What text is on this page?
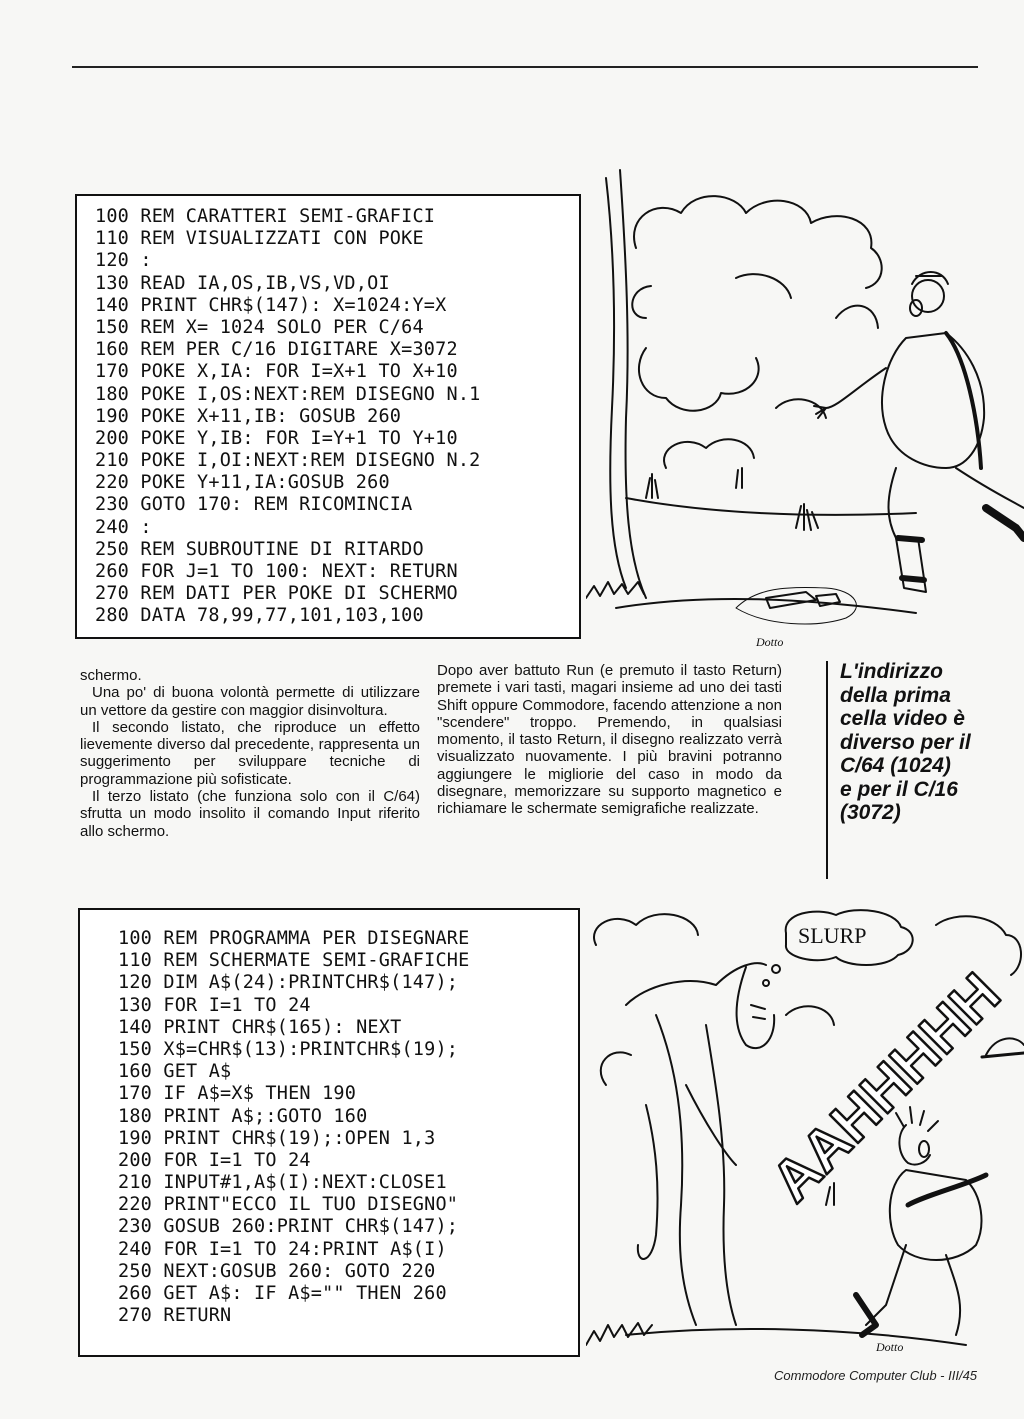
100 REM CARATTERI SEMI-GRAFICI
110 REM VISUALIZZATI CON POKE
120 :
130 READ IA,OS,IB,VS,VD,OI
140 PRINT CHR$(147): X=1024:Y=X
150 REM X= 1024 SOLO PER C/64
160 REM PER C/16 DIGITARE X=3072
170 POKE X,IA: FOR I=X+1 TO X+10
180 POKE I,OS:NEXT:REM DISEGNO N.1
190 POKE X+11,IB: GOSUB 260
200 POKE Y,IB: FOR I=Y+1 TO Y+10
210 POKE I,OI:NEXT:REM DISEGNO N.2
220 POKE Y+11,IA:GOSUB 260
230 GOTO 170: REM RICOMINCIA
240 :
250 REM SUBROUTINE DI RITARDO
260 FOR J=1 TO 100: NEXT: RETURN
270 REM DATI PER POKE DI SCHERMO
280 DATA 78,99,77,101,103,100
100 REM PROGRAMMA PER DISEGNARE
110 REM SCHERMATE SEMI-GRAFICHE
120 DIM A$(24):PRINTCHR$(147);
130 FOR I=1 TO 24
140 PRINT CHR$(165): NEXT
150 X$=CHR$(13):PRINTCHR$(19);
160 GET A$
170 IF A$=X$ THEN 190
180 PRINT A$;:GOTO 160
190 PRINT CHR$(19);:OPEN 1,3
200 FOR I=1 TO 24
210 INPUT#1,A$(I):NEXT:CLOSE1
220 PRINT"ECCO IL TUO DISEGNO"
230 GOSUB 260:PRINT CHR$(147);
240 FOR I=1 TO 24:PRINT A$(I)
250 NEXT:GOSUB 260: GOTO 220
260 GET A$: IF A$="" THEN 260
270 RETURN
Dotto
SLURP
AAHHHHH
Dotto

schermo.

Una po' di buona volontà permette di utilizzare un vettore da gestire con maggior disinvoltura.

Il secondo listato, che riproduce un effetto lievemente diverso dal precedente, rappresenta un suggerimento per sviluppare tecniche di programmazione più sofisticate.

Il terzo listato (che funziona solo con il C/64) sfrutta un modo insolito il comando Input riferito allo schermo.

Dopo aver battuto Run (e premuto il tasto Return) premete i vari tasti, magari insieme ad uno dei tasti Shift oppure Commodore, facendo attenzione a non "scendere" troppo. Premendo, in qualsiasi momento, il tasto Return, il disegno realizzato verrà visualizzato nuovamente. I più bravini potranno aggiungere le migliorie del caso in modo da disegnare, memorizzare su supporto magnetico e richiamare le schermate semigrafiche realizzate.

L'indirizzo
della prima
cella video è
diverso per il
C/64 (1024)
e per il C/16
(3072)
Commodore Computer Club - III/45
